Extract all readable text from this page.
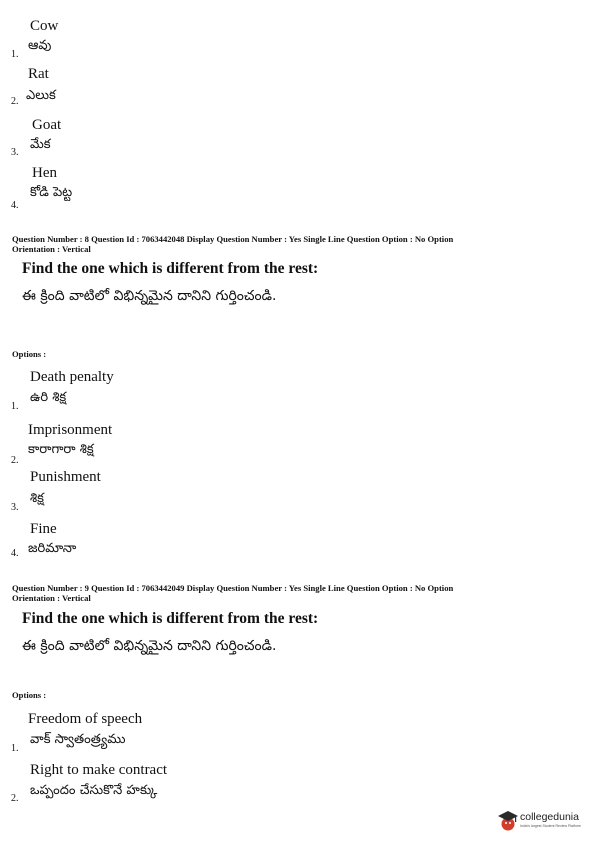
Cow
1.
ఆవు
Rat
2. ఎలుక
Goat
3.
మేక
Hen
4.
కోడి పెట్ట
Question Number : 8 Question Id : 7063442048 Display Question Number : Yes Single Line Question Option : No Option
Orientation : Vertical
Find the one which is different from the rest:
ఈ క్రింది వాటిలో విభిన్నమైన దానిని గుర్తించండి.
Options :
Death penalty
1.
ఉరి శిక్ష
Imprisonment
2.
కారాగారా శిక్ష
Punishment
3.
శిక్ష
Fine
4. జరిమానా
Question Number : 9 Question Id : 7063442049 Display Question Number : Yes Single Line Question Option : No Option
Orientation : Vertical
Find the one which is different from the rest:
ఈ క్రింది వాటిలో విభిన్నమైన దానిని గుర్తించండి.
Options :
Freedom of speech
1.
వాక్ స్వాతంత్ర్యము
Right to make contract
2.
ఒప్పందం చేసుకొనే హక్కు
collegedunia
India's largest Student Review Platform
